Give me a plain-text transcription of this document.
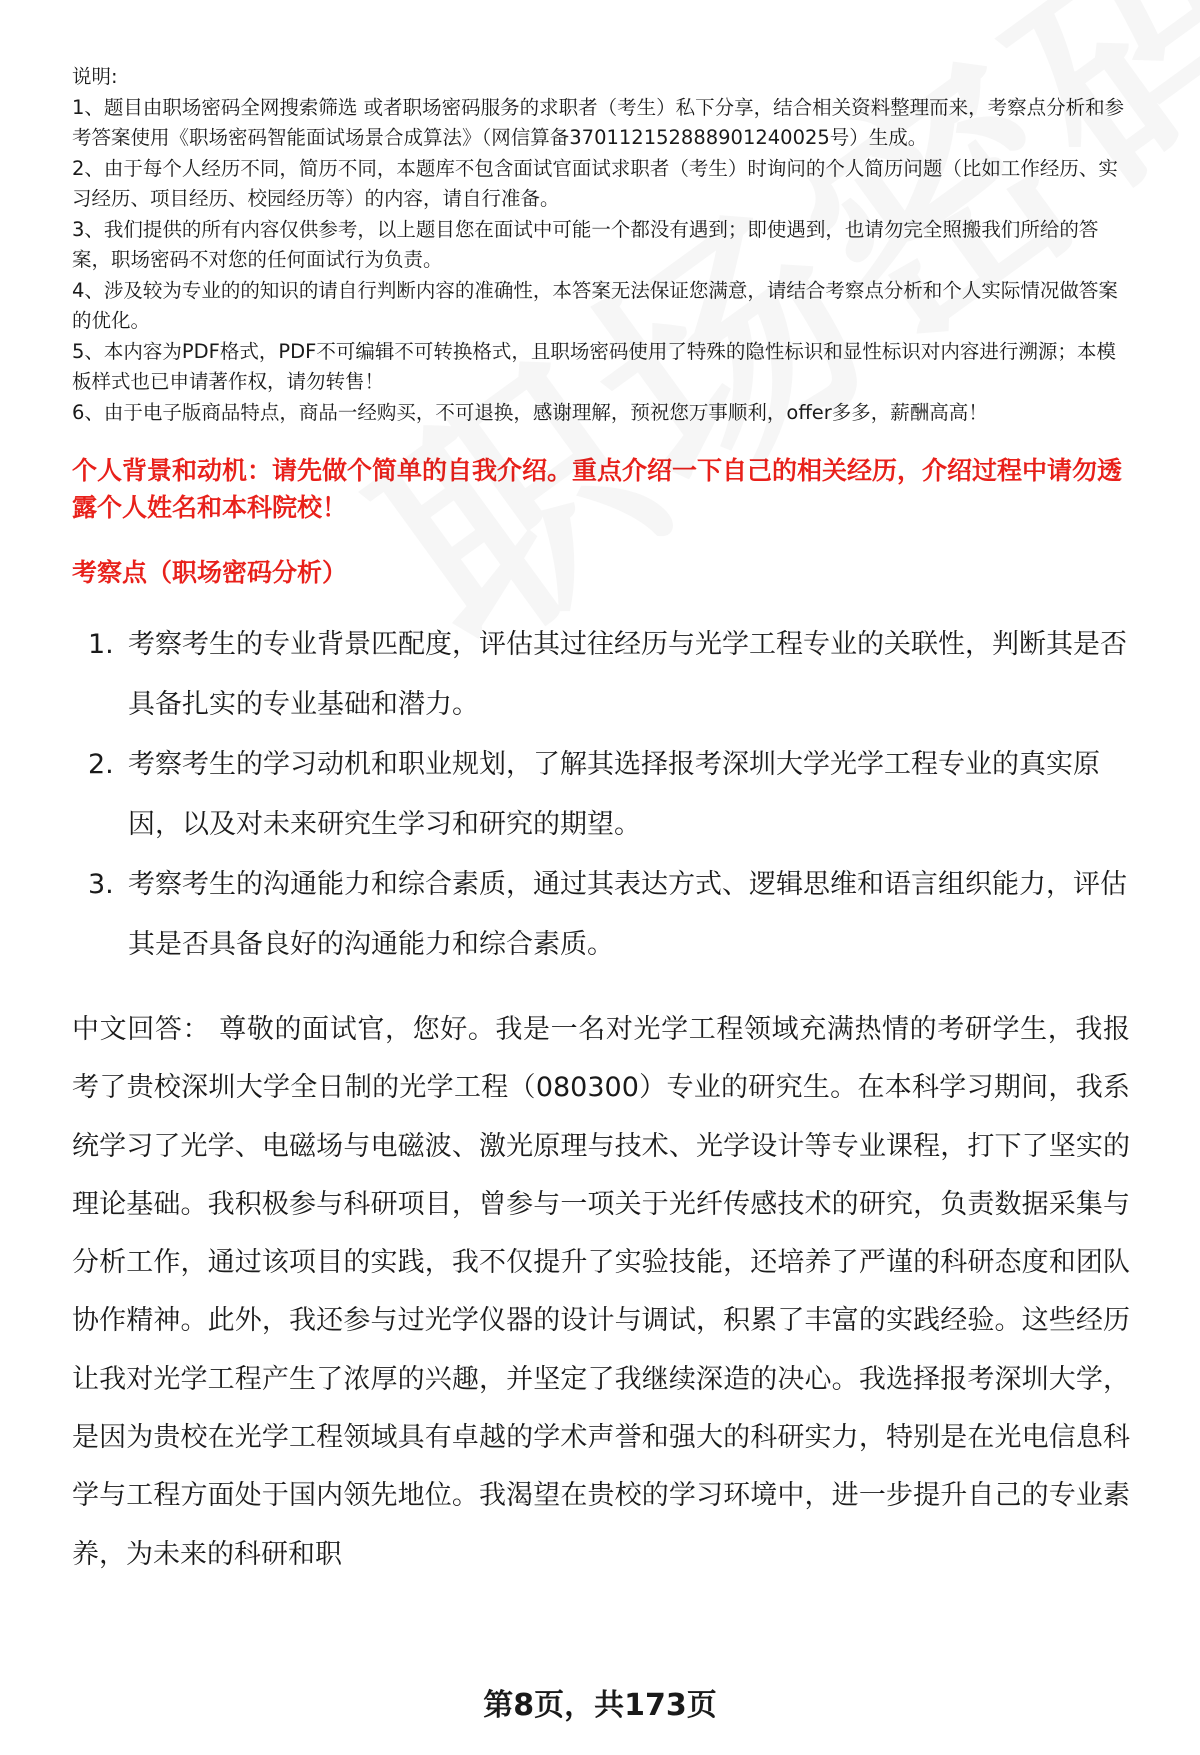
说明:

1、题目由职场密码全网搜索筛选 或者职场密码服务的求职者（考生）私下分享，结合相关资料整理而来，考察点分析和参考答案使用《职场密码智能面试场景合成算法》（网信算备370112152888901240025号）生成。

2、由于每个人经历不同，简历不同，本题库不包含面试官面试求职者（考生）时询问的个人简历问题（比如工作经历、实习经历、项目经历、校园经历等）的内容，请自行准备。

3、我们提供的所有内容仅供参考，以上题目您在面试中可能一个都没有遇到；即使遇到，也请勿完全照搬我们所给的答案，职场密码不对您的任何面试行为负责。

4、涉及较为专业的的知识的请自行判断内容的准确性，本答案无法保证您满意，请结合考察点分析和个人实际情况做答案的优化。

5、本内容为PDF格式，PDF不可编辑不可转换格式，且职场密码使用了特殊的隐性标识和显性标识对内容进行溯源；本模板样式也已申请著作权，请勿转售！

6、由于电子版商品特点，商品一经购买，不可退换，感谢理解，预祝您万事顺利，offer多多，薪酬高高！

个人背景和动机：请先做个简单的自我介绍。重点介绍一下自己的相关经历，介绍过程中请勿透露个人姓名和本科院校！
考察点（职场密码分析）
1. 考察考生的专业背景匹配度，评估其过往经历与光学工程专业的关联性，判断其是否具备扎实的专业基础和潜力。
2. 考察考生的学习动机和职业规划，了解其选择报考深圳大学光学工程专业的真实原因，以及对未来研究生学习和研究的期望。
3. 考察考生的沟通能力和综合素质，通过其表达方式、逻辑思维和语言组织能力，评估其是否具备良好的沟通能力和综合素质。
中文回答： 尊敬的面试官，您好。我是一名对光学工程领域充满热情的考研学生，我报考了贵校深圳大学全日制的光学工程（080300）专业的研究生。在本科学习期间，我系统学习了光学、电磁场与电磁波、激光原理与技术、光学设计等专业课程，打下了坚实的理论基础。我积极参与科研项目，曾参与一项关于光纤传感技术的研究，负责数据采集与分析工作，通过该项目的实践，我不仅提升了实验技能，还培养了严谨的科研态度和团队协作精神。此外，我还参与过光学仪器的设计与调试，积累了丰富的实践经验。这些经历让我对光学工程产生了浓厚的兴趣，并坚定了我继续深造的决心。我选择报考深圳大学，是因为贵校在光学工程领域具有卓越的学术声誉和强大的科研实力，特别是在光电信息科学与工程方面处于国内领先地位。我渴望在贵校的学习环境中，进一步提升自己的专业素养，为未来的科研和职
第8页，共173页
